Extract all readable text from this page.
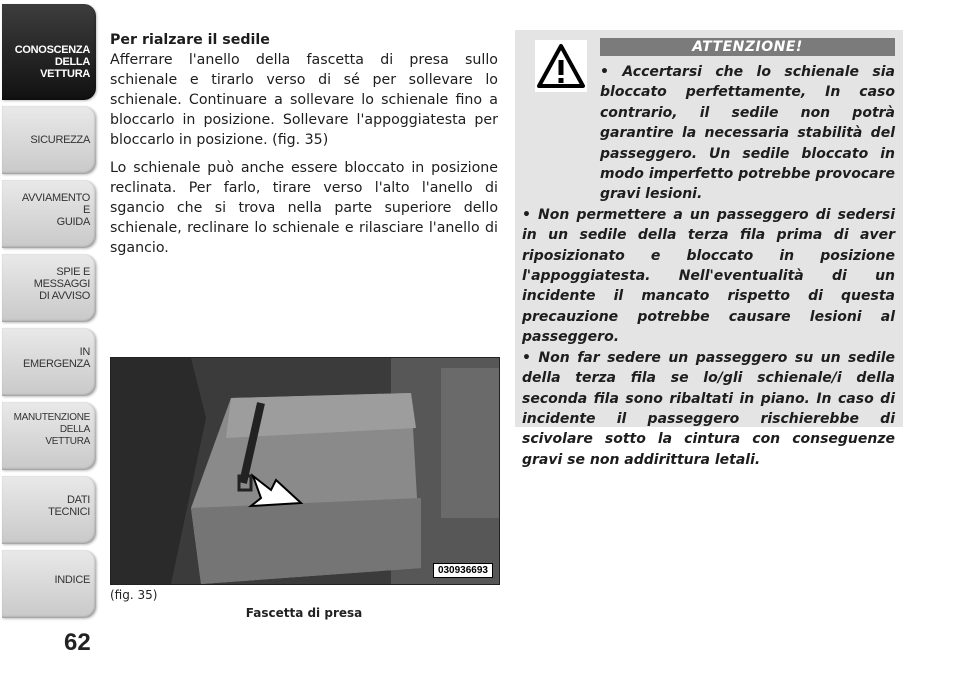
CONOSCENZA
DELLA
VETTURA
SICUREZZA
AVVIAMENTO
E
GUIDA
SPIE E
MESSAGGI
DI AVVISO
IN
EMERGENZA
MANUTENZIONE
DELLA
VETTURA
DATI
TECNICI
INDICE
62

Per rialzare il sedile

Afferrare l'anello della fascetta di presa sullo schienale e tirarlo verso di sé per sollevare lo schienale. Continuare a sollevare lo schienale fino a bloccarlo in posizione. Sollevare l'appoggiatesta per bloccarlo in posizione. (fig. 35)

Lo schienale può anche essere bloccato in posizione reclinata. Per farlo, tirare verso l'alto l'anello di sgancio che si trova nella parte superiore dello schienale, reclinare lo schienale e rilasciare l'anello di sgancio.

030936693
(fig. 35)
Fascetta di presa
ATTENZIONE!

• Accertarsi che lo schienale sia bloccato perfettamente, In caso contrario, il sedile non potrà garantire la necessaria stabilità del passeggero. Un sedile bloccato in modo imperfetto potrebbe provocare gravi lesioni.

• Non permettere a un passeggero di sedersi in un sedile della terza fila prima di aver riposizionato e bloccato in posizione l'appoggiatesta. Nell'eventualità di un incidente il mancato rispetto di questa precauzione potrebbe causare lesioni al passeggero.

• Non far sedere un passeggero su un sedile della terza fila se lo/gli schienale/i della seconda fila sono ribaltati in piano. In caso di incidente il passeggero rischierebbe di scivolare sotto la cintura con conseguenze gravi se non addirittura letali.
